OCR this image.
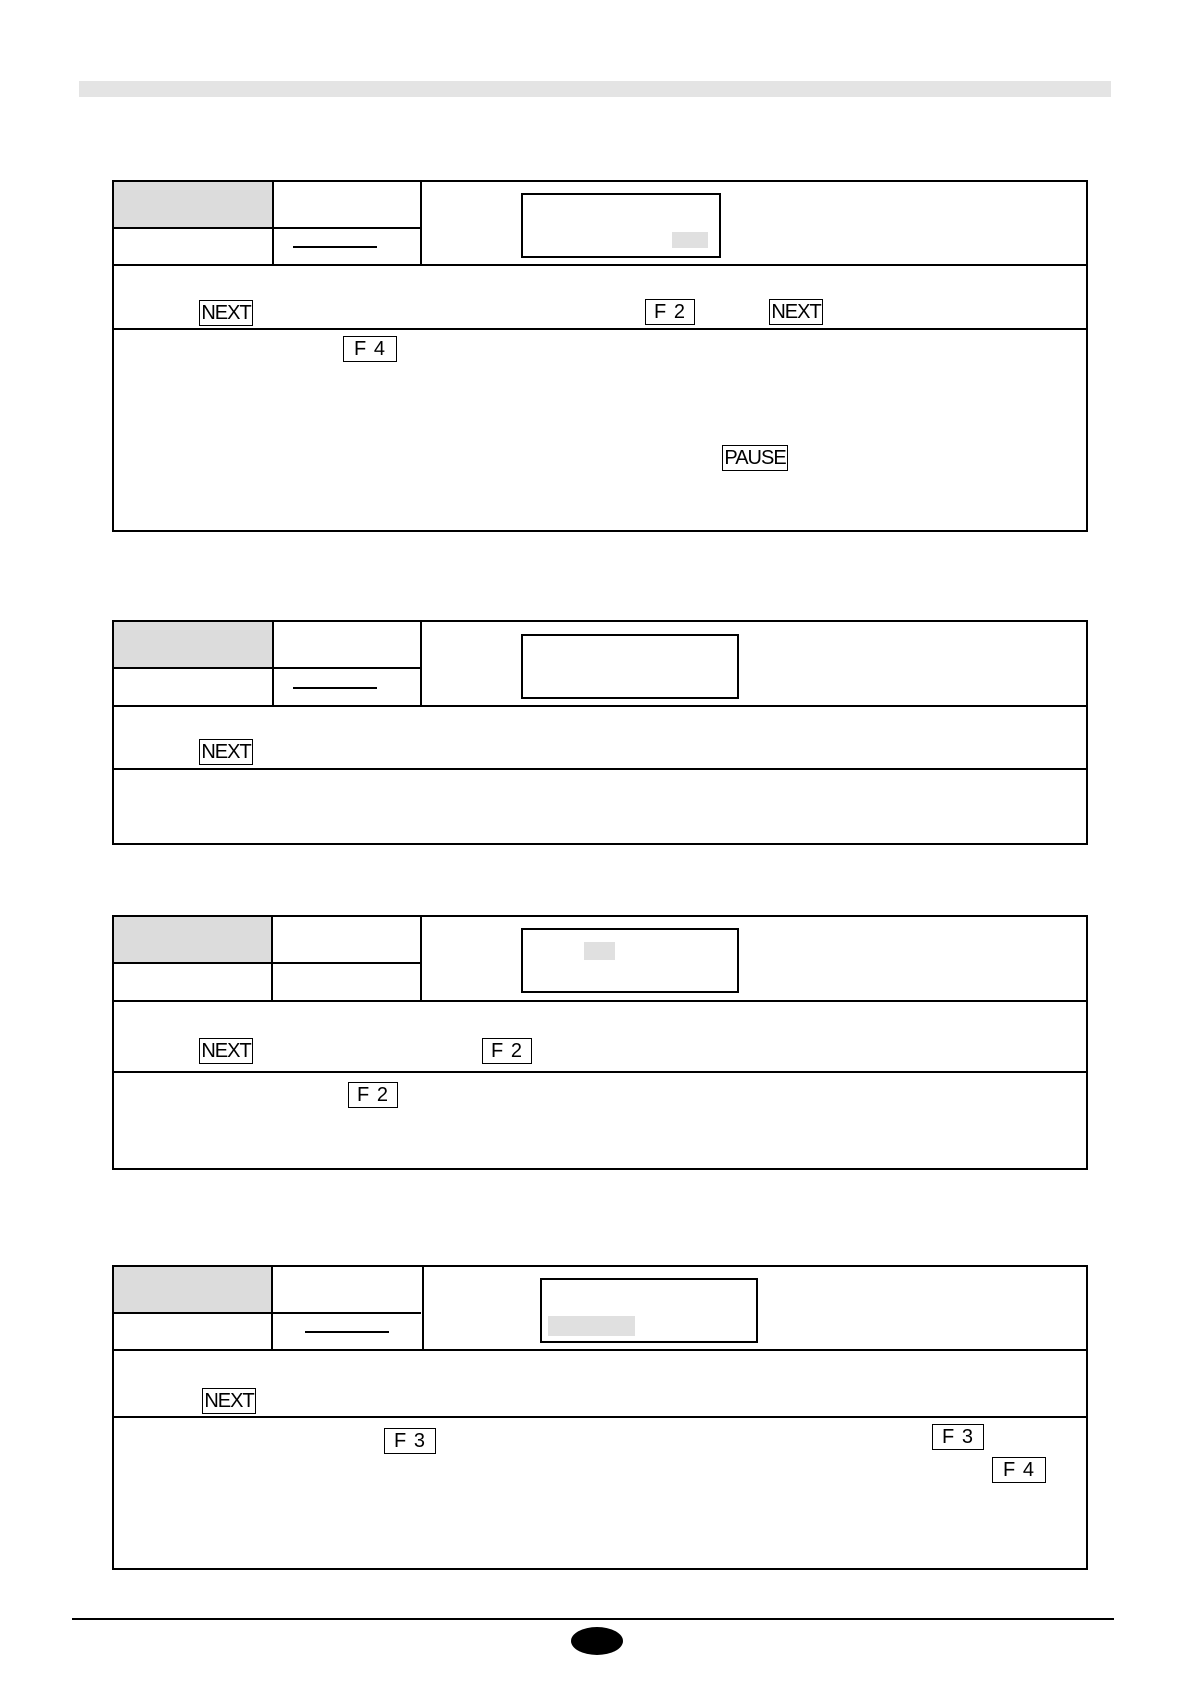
NEXT	F 2	NEXT
F 4
PAUSE
NEXT
NEXT	F 2
F 2
NEXT
F 3	F 3
F 4
